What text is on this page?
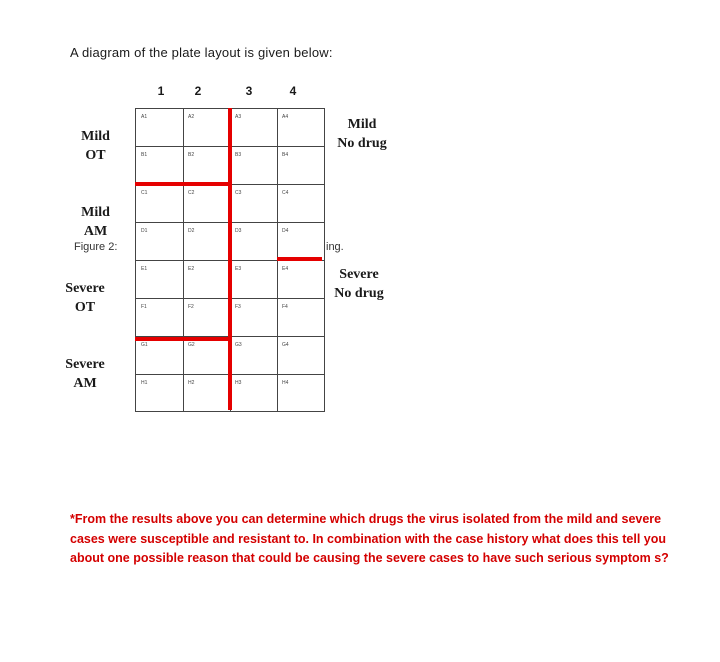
A diagram of the plate layout is given below:
1	2	3	4
Figure 2:	ing.
A1	A2	A3	A4
B1	B2	B3	B4
C1	C2	C3	C4
D1	D2	D3	D4
E1	E2	E3	E4
F1	F2	F3	F4
G1	G2	G3	G4
H1	H2	H3	H4
Mild
OT
Mild
AM
Severe
OT
Severe
AM
Mild
No drug
Severe
No drug
*From the results above you can determine which drugs the virus isolated from the mild and severe cases were susceptible and resistant to. In combination with the case history what does this tell you about one possible reason that could be causing the severe cases to have such serious symptom s?
